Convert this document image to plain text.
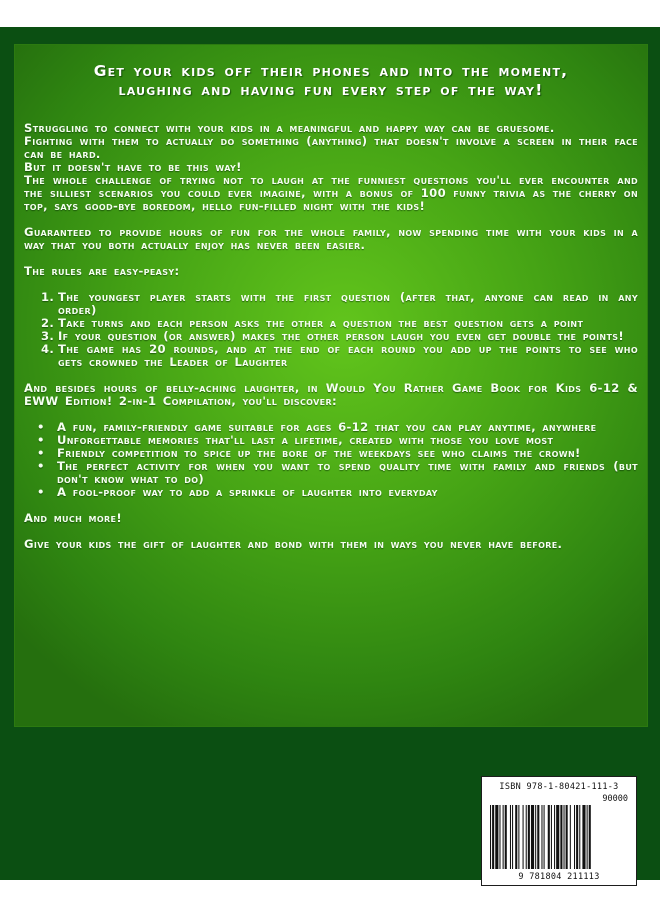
Get your kids off their phones and into the moment,
laughing and having fun every step of the way!

Struggling to connect with your kids in a meaningful and happy way can be gruesome.

Fighting with them to actually do something (anything) that doesn't involve a screen in their face can be hard.

But it doesn't have to be this way!

The whole challenge of trying not to laugh at the funniest questions you'll ever encounter and the silliest scenarios you could ever imagine, with a bonus of 100 funny trivia as the cherry on top, says good-bye boredom, hello fun-filled night with the kids!

Guaranteed to provide hours of fun for the whole family, now spending time with your kids in a way that you both actually enjoy has never been easier.

The rules are easy-peasy:

1. The youngest player starts with the first question (after that, anyone can read in any order)
2. Take turns and each person asks the other a question the best question gets a point
3. If your question (or answer) makes the other person laugh you even get double the points!
4. The game has 20 rounds, and at the end of each round you add up the points to see who gets crowned the Leader of Laughter

And besides hours of belly-aching laughter, in Would You Rather Game Book for Kids 6-12 & EWW Edition! 2-in-1 Compilation, you'll discover:

• A fun, family-friendly game suitable for ages 6-12 that you can play anytime, anywhere
• Unforgettable memories that'll last a lifetime, created with those you love most
• Friendly competition to spice up the bore of the weekdays see who claims the crown!
• The perfect activity for when you want to spend quality time with family and friends (but don't know what to do)
• A fool-proof way to add a sprinkle of laughter into everyday

And much more!

Give your kids the gift of laughter and bond with them in ways you never have before.

ISBN 978-1-80421-111-3
90000
9 781804 211113
